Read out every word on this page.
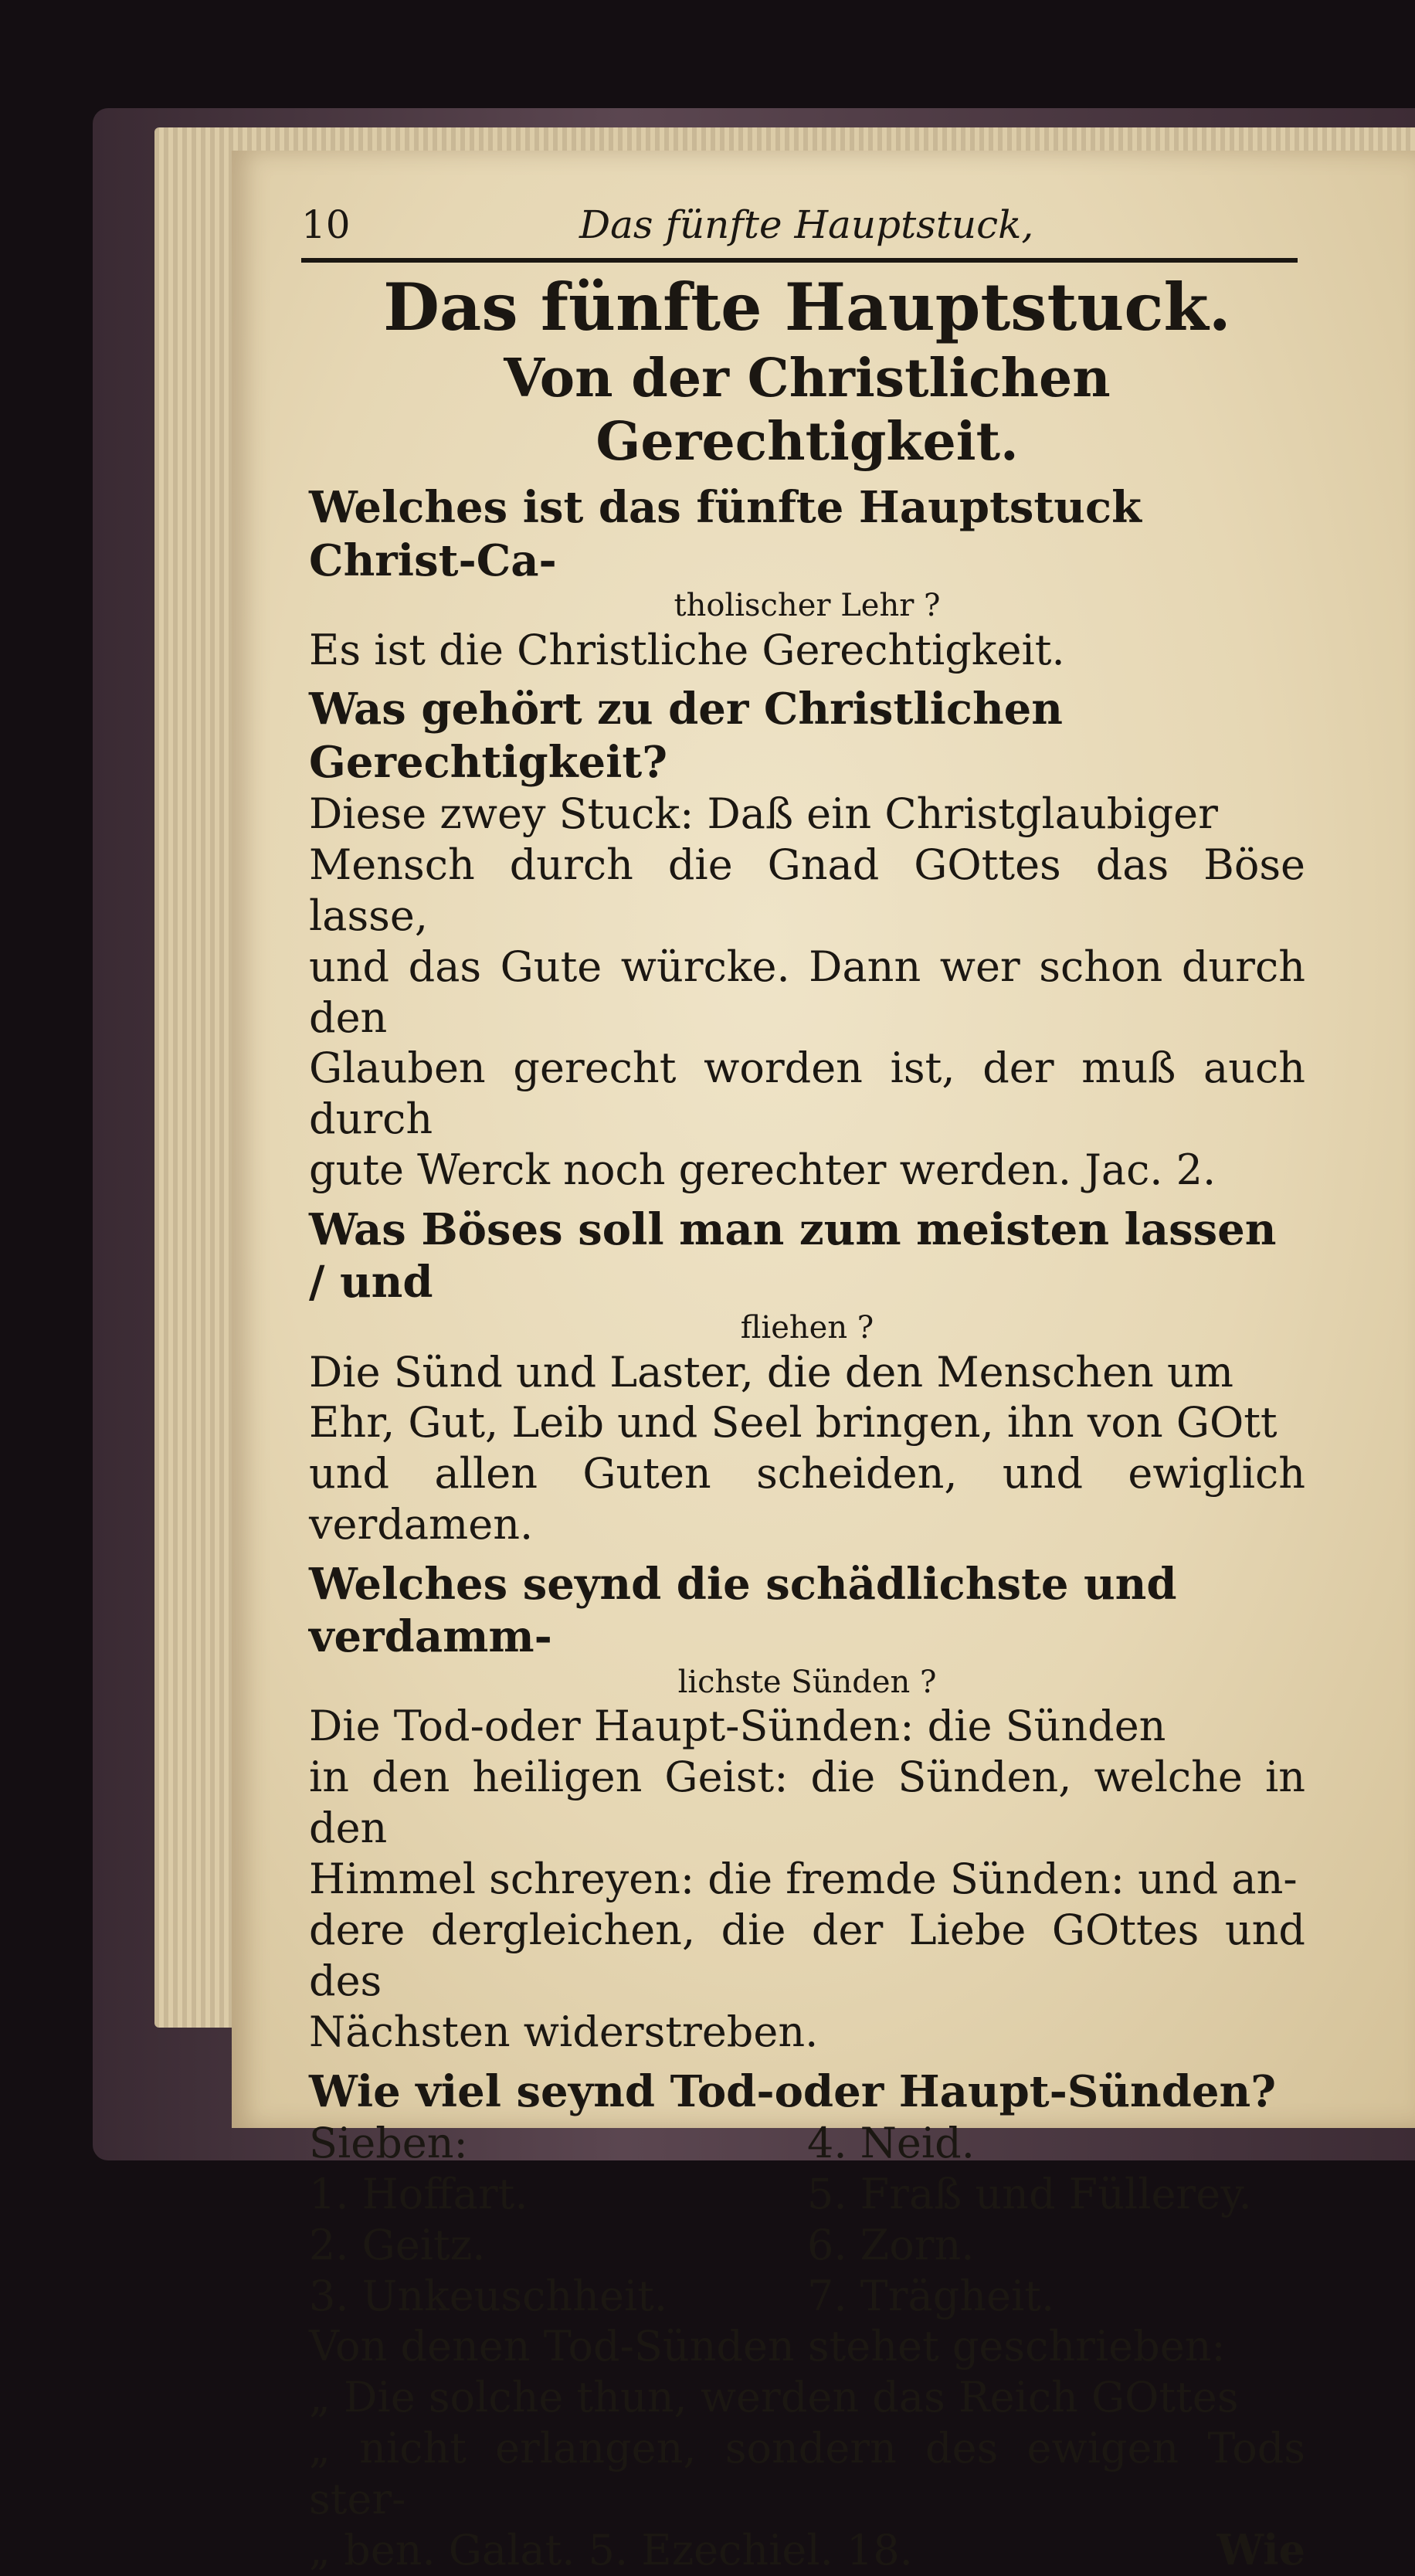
10	Das fünfte Hauptstuck,

Das fünfte Hauptstuck.

Von der Christlichen Gerechtigkeit.

Welches ist das fünfte Hauptstuck Christ-Ca-

tholischer Lehr ?

Es ist die Christliche Gerechtigkeit.

Was gehört zu der Christlichen Gerechtigkeit?

Diese zwey Stuck: Daß ein Christglaubiger
Mensch durch die Gnad GOttes das Böse lasse,
und das Gute würcke. Dann wer schon durch den
Glauben gerecht worden ist, der muß auch durch
gute Werck noch gerechter werden. Jac. 2.

Was Böses soll man zum meisten lassen / und

fliehen ?

Die Sünd und Laster, die den Menschen um
Ehr, Gut, Leib und Seel bringen, ihn von GOtt
und allen Guten scheiden, und ewiglich verdamen.

Welches seynd die schädlichste und verdamm-

lichste Sünden ?

Die Tod-oder Haupt-Sünden: die Sünden
in den heiligen Geist: die Sünden, welche in den
Himmel schreyen: die fremde Sünden: und an-
dere dergleichen, die der Liebe GOttes und des
Nächsten widerstreben.

Wie viel seynd Tod-oder Haupt-Sünden?

Sieben:
1. Hoffart.
2. Geitz.
3. Unkeuschheit.
4. Neid.
5. Fraß und Füllerey.
6. Zorn.
7. Trägheit.

Von denen Tod-Sünden stehet geschrieben:

„ Die solche thun, werden das Reich GOttes
„ nicht erlangen, sondern des ewigen Tods ster-
„ ben. Galat. 5. Ezechiel. 18.	Wie
